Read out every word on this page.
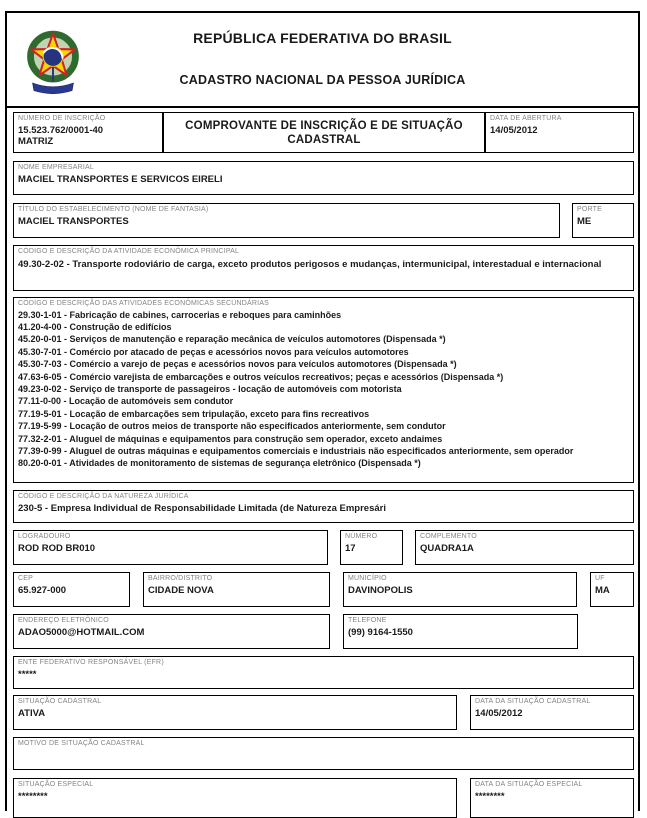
REPÚBLICA FEDERATIVA DO BRASIL
CADASTRO NACIONAL DA PESSOA JURÍDICA
NÚMERO DE INSCRIÇÃO
15.523.762/0001-40
MATRIZ
COMPROVANTE DE INSCRIÇÃO E DE SITUAÇÃO CADASTRAL
DATA DE ABERTURA
14/05/2012
NOME EMPRESARIAL
MACIEL TRANSPORTES E SERVICOS EIRELI
TÍTULO DO ESTABELECIMENTO (NOME DE FANTASIA)
MACIEL TRANSPORTES
PORTE
ME
CÓDIGO E DESCRIÇÃO DA ATIVIDADE ECONÔMICA PRINCIPAL
49.30-2-02 - Transporte rodoviário de carga, exceto produtos perigosos e mudanças, intermunicipal, interestadual e internacional
CÓDIGO E DESCRIÇÃO DAS ATIVIDADES ECONÔMICAS SECUNDÁRIAS
29.30-1-01 - Fabricação de cabines, carrocerias e reboques para caminhões
41.20-4-00 - Construção de edifícios
45.20-0-01 - Serviços de manutenção e reparação mecânica de veículos automotores (Dispensada *)
45.30-7-01 - Comércio por atacado de peças e acessórios novos para veículos automotores
45.30-7-03 - Comércio a varejo de peças e acessórios novos para veículos automotores (Dispensada *)
47.63-6-05 - Comércio varejista de embarcações e outros veículos recreativos; peças e acessórios (Dispensada *)
49.23-0-02 - Serviço de transporte de passageiros - locação de automóveis com motorista
77.11-0-00 - Locação de automóveis sem condutor
77.19-5-01 - Locação de embarcações sem tripulação, exceto para fins recreativos
77.19-5-99 - Locação de outros meios de transporte não especificados anteriormente, sem condutor
77.32-2-01 - Aluguel de máquinas e equipamentos para construção sem operador, exceto andaimes
77.39-0-99 - Aluguel de outras máquinas e equipamentos comerciais e industriais não especificados anteriormente, sem operador
80.20-0-01 - Atividades de monitoramento de sistemas de segurança eletrônico (Dispensada *)
CÓDIGO E DESCRIÇÃO DA NATUREZA JURÍDICA
230-5 - Empresa Individual de Responsabilidade Limitada (de Natureza Empresári
LOGRADOURO
ROD ROD BR010
NÚMERO
17
COMPLEMENTO
QUADRA1A
CEP
65.927-000
BAIRRO/DISTRITO
CIDADE NOVA
MUNICÍPIO
DAVINOPOLIS
UF
MA
ENDEREÇO ELETRÔNICO
ADAO5000@HOTMAIL.COM
TELEFONE
(99) 9164-1550
ENTE FEDERATIVO RESPONSÁVEL (EFR)
*****
SITUAÇÃO CADASTRAL
ATIVA
DATA DA SITUAÇÃO CADASTRAL
14/05/2012
MOTIVO DE SITUAÇÃO CADASTRAL
SITUAÇÃO ESPECIAL
********
DATA DA SITUAÇÃO ESPECIAL
********
